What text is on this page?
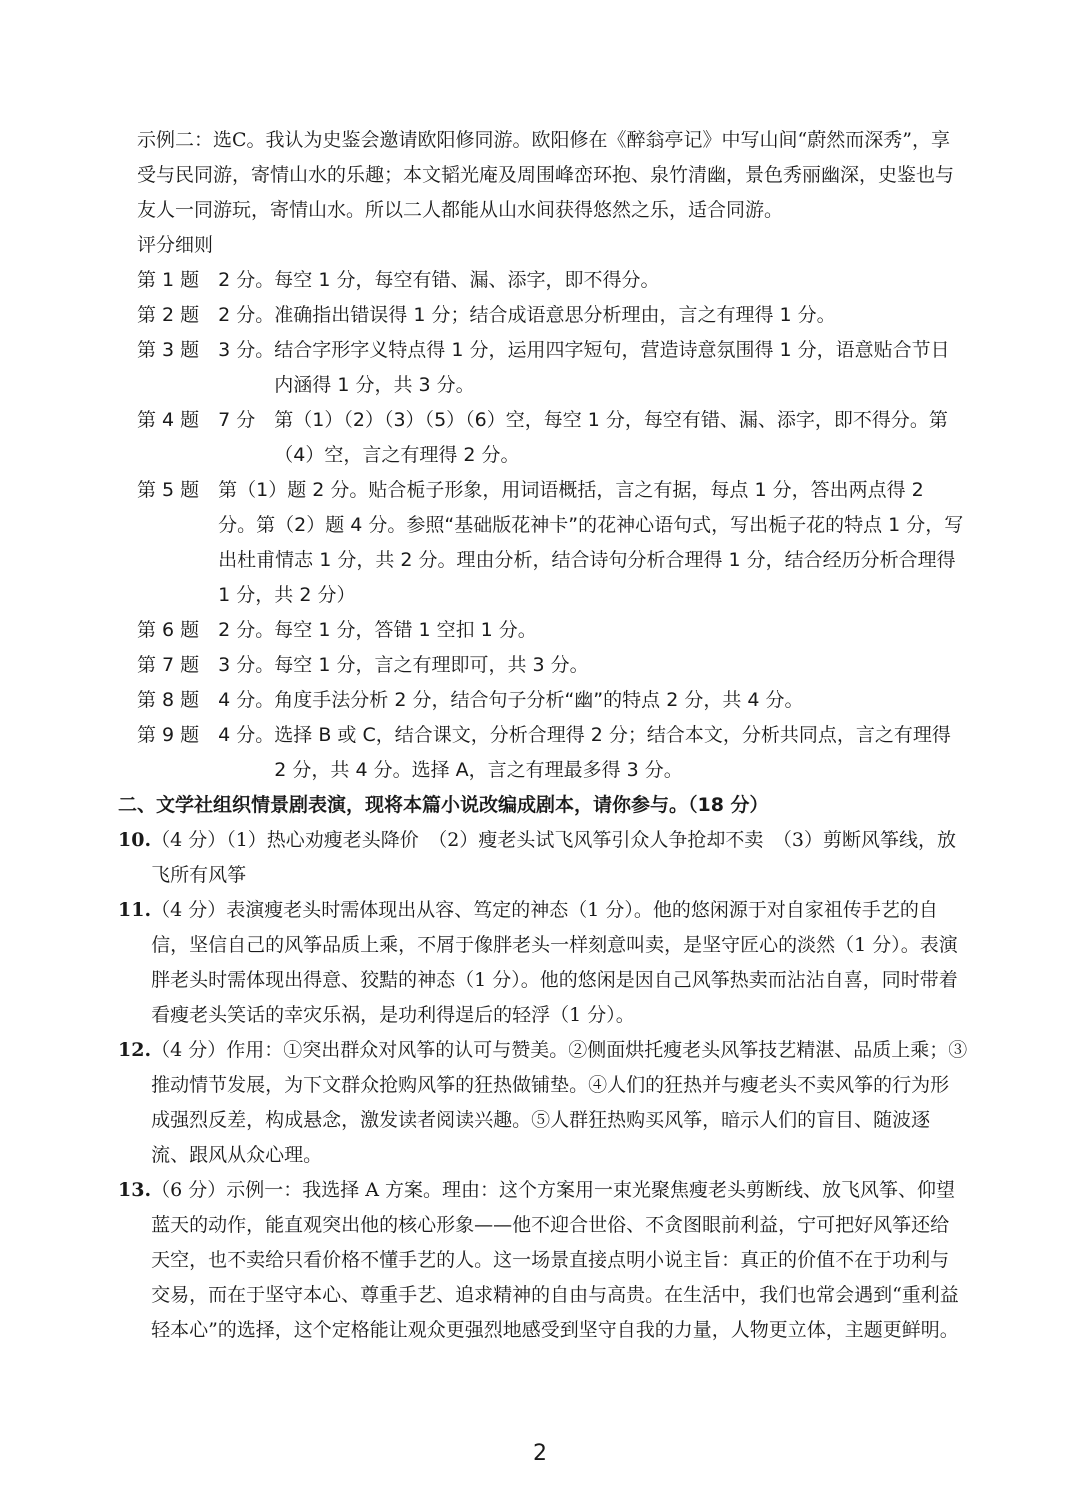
示例二：选C。我认为史鉴会邀请欧阳修同游。欧阳修在《醉翁亭记》中写山间“蔚然而深秀”，享受与民同游，寄情山水的乐趣；本文韬光庵及周围峰峦环抱、泉竹清幽，景色秀丽幽深，史鉴也与友人一同游玩，寄情山水。所以二人都能从山水间获得悠然之乐，适合同游。

评分细则
第 1 题　2 分。 每空 1 分，每空有错、漏、添字，即不得分。
第 2 题　2 分。 准确指出错误得 1 分；结合成语意思分析理由，言之有理得 1 分。
第 3 题　3 分。 结合字形字义特点得 1 分，运用四字短句，营造诗意氛围得 1 分，语意贴合节日内涵得 1 分，共 3 分。
第 4 题　7 分　 第（1）（2）（3）（5）（6）空，每空 1 分，每空有错、漏、添字，即不得分。第（4）空，言之有理得 2 分。
第 5 题　 第（1）题 2 分。贴合栀子形象，用词语概括，言之有据，每点 1 分，答出两点得 2 分。第（2）题 4 分。参照“基础版花神卡”的花神心语句式，写出栀子花的特点 1 分，写出杜甫情志 1 分，共 2 分。理由分析，结合诗句分析合理得 1 分，结合经历分析合理得 1 分，共 2 分）
第 6 题　2 分。 每空 1 分，答错 1 空扣 1 分。
第 7 题　3 分。 每空 1 分，言之有理即可，共 3 分。
第 8 题　4 分。 角度手法分析 2 分，结合句子分析“幽”的特点 2 分，共 4 分。
第 9 题　4 分。 选择 B 或 C，结合课文，分析合理得 2 分；结合本文，分析共同点，言之有理得 2 分，共 4 分。选择 A，言之有理最多得 3 分。
二、文学社组织情景剧表演，现将本篇小说改编成剧本，请你参与。（18 分）
10. （4 分）（1）热心劝瘦老头降价　（2）瘦老头试飞风筝引众人争抢却不卖　（3）剪断风筝线，放飞所有风筝
11. （4 分）表演瘦老头时需体现出从容、笃定的神态（1 分）。他的悠闲源于对自家祖传手艺的自信，坚信自己的风筝品质上乘，不屑于像胖老头一样刻意叫卖，是坚守匠心的淡然（1 分）。表演胖老头时需体现出得意、狡黠的神态（1 分）。他的悠闲是因自己风筝热卖而沾沾自喜，同时带着看瘦老头笑话的幸灾乐祸，是功利得逞后的轻浮（1 分）。
12. （4 分）作用：①突出群众对风筝的认可与赞美。②侧面烘托瘦老头风筝技艺精湛、品质上乘；③推动情节发展，为下文群众抢购风筝的狂热做铺垫。④人们的狂热并与瘦老头不卖风筝的行为形成强烈反差，构成悬念，激发读者阅读兴趣。⑤人群狂热购买风筝，暗示人们的盲目、随波逐流、跟风从众心理。
13. （6 分）示例一：我选择 A 方案。理由：这个方案用一束光聚焦瘦老头剪断线、放飞风筝、仰望蓝天的动作，能直观突出他的核心形象——他不迎合世俗、不贪图眼前利益，宁可把好风筝还给天空，也不卖给只看价格不懂手艺的人。这一场景直接点明小说主旨：真正的价值不在于功利与交易，而在于坚守本心、尊重手艺、追求精神的自由与高贵。在生活中，我们也常会遇到“重利益轻本心”的选择，这个定格能让观众更强烈地感受到坚守自我的力量，人物更立体，主题更鲜明。
2
